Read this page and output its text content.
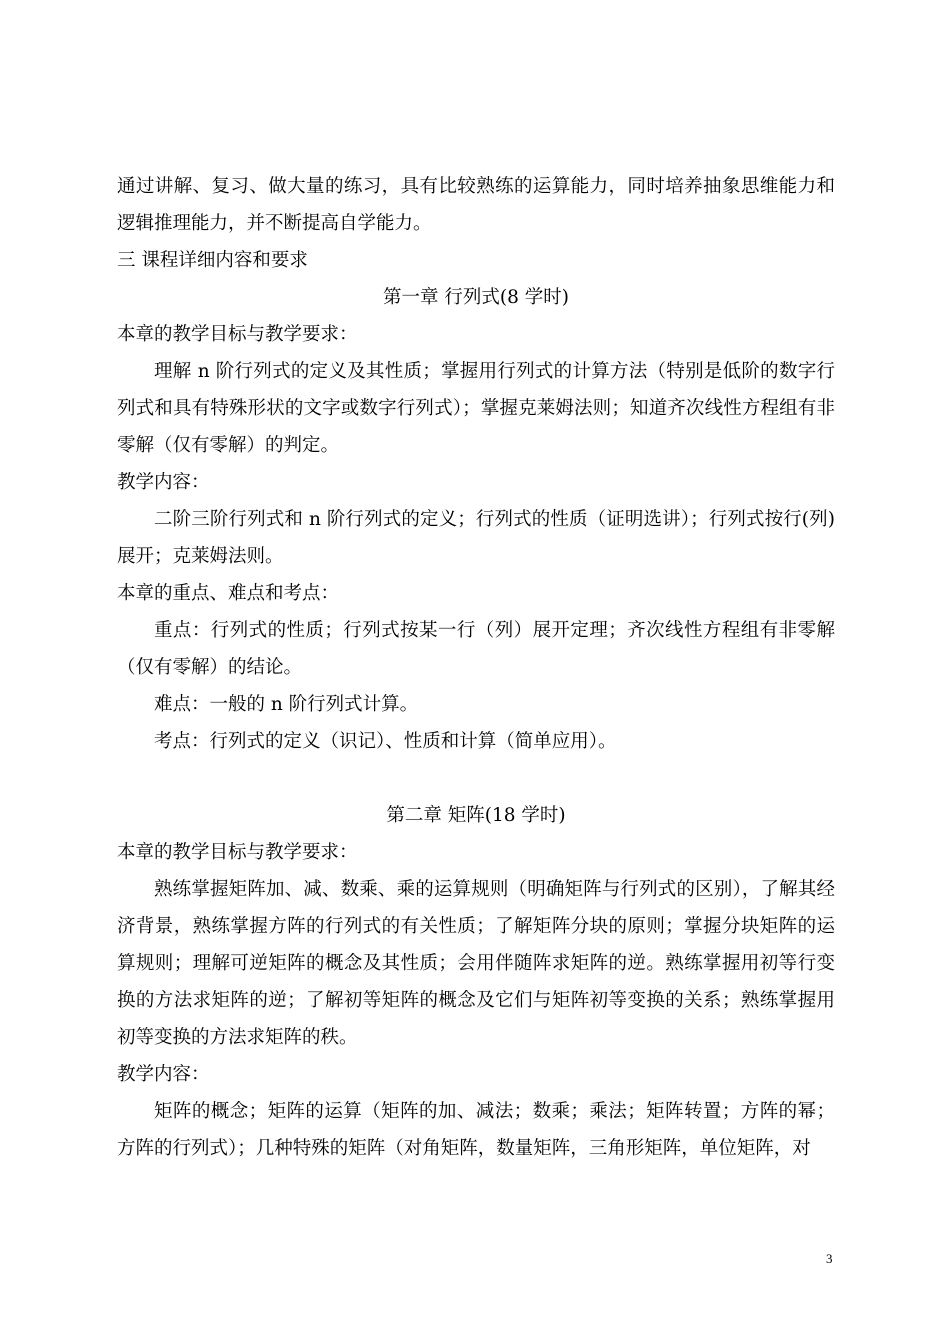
通过讲解、复习、做大量的练习，具有比较熟练的运算能力，同时培养抽象思维能力和逻辑推理能力，并不断提高自学能力。

三 课程详细内容和要求

第一章 行列式(8 学时)

本章的教学目标与教学要求：

理解 n 阶行列式的定义及其性质；掌握用行列式的计算方法（特别是低阶的数字行列式和具有特殊形状的文字或数字行列式）；掌握克莱姆法则；知道齐次线性方程组有非零解（仅有零解）的判定。

教学内容：

二阶三阶行列式和 n 阶行列式的定义；行列式的性质（证明选讲）；行列式按行(列)展开；克莱姆法则。

本章的重点、难点和考点：

重点：行列式的性质；行列式按某一行（列）展开定理；齐次线性方程组有非零解（仅有零解）的结论。

难点：一般的 n 阶行列式计算。

考点：行列式的定义（识记）、性质和计算（简单应用）。

第二章 矩阵(18 学时)

本章的教学目标与教学要求：

熟练掌握矩阵加、减、数乘、乘的运算规则（明确矩阵与行列式的区别），了解其经济背景，熟练掌握方阵的行列式的有关性质；了解矩阵分块的原则；掌握分块矩阵的运算规则；理解可逆矩阵的概念及其性质；会用伴随阵求矩阵的逆。熟练掌握用初等行变换的方法求矩阵的逆；了解初等矩阵的概念及它们与矩阵初等变换的关系；熟练掌握用初等变换的方法求矩阵的秩。

教学内容：

矩阵的概念；矩阵的运算（矩阵的加、减法；数乘；乘法；矩阵转置；方阵的幂；方阵的行列式）；几种特殊的矩阵（对角矩阵，数量矩阵，三角形矩阵，单位矩阵，对

3
